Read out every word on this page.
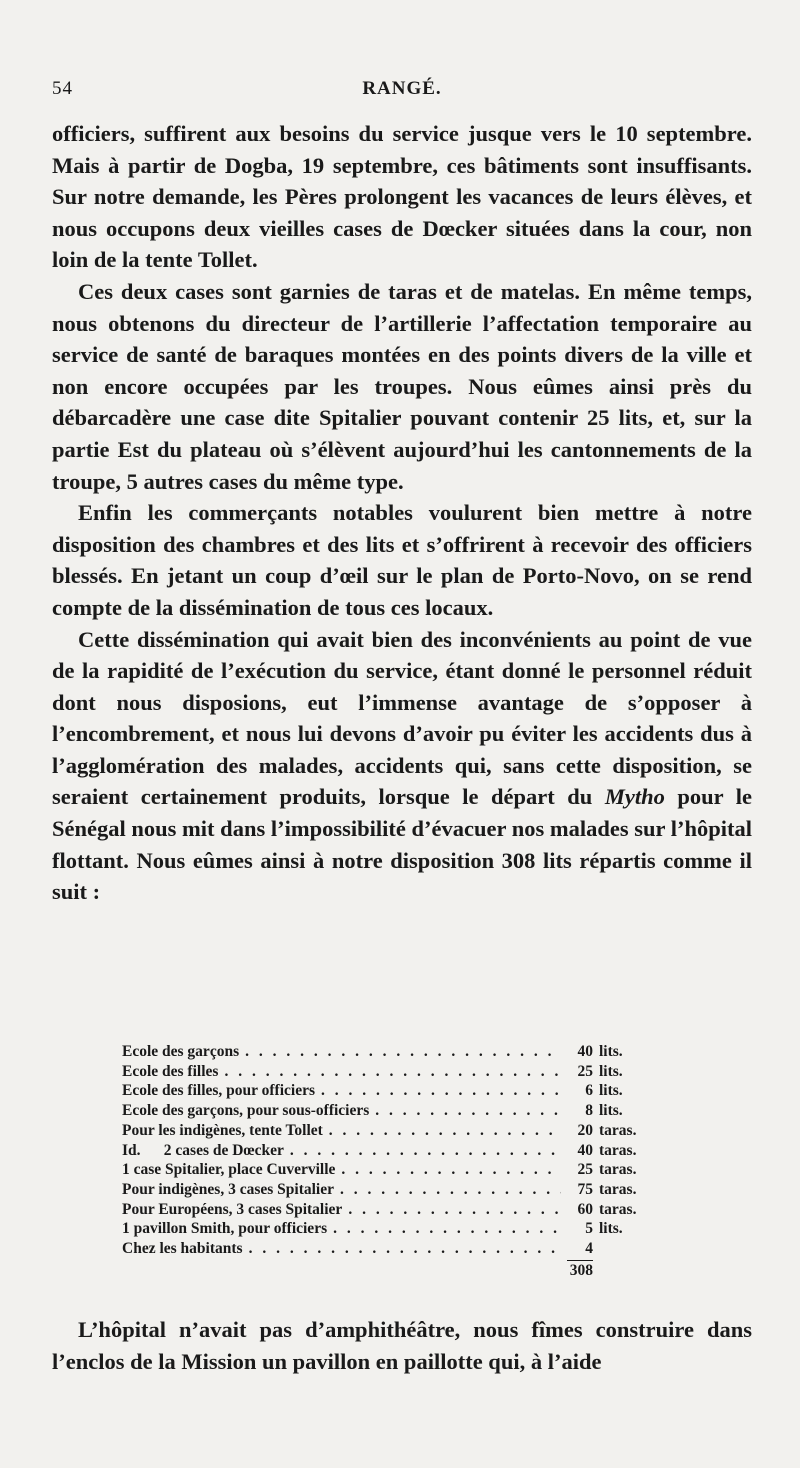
54	RANGÉ.

officiers, suffirent aux besoins du service jusque vers le 10 septembre. Mais à partir de Dogba, 19 septembre, ces bâtiments sont insuffisants. Sur notre demande, les Pères prolongent les vacances de leurs élèves, et nous occupons deux vieilles cases de Dœcker situées dans la cour, non loin de la tente Tollet.

Ces deux cases sont garnies de taras et de matelas. En même temps, nous obtenons du directeur de l’artillerie l’affectation temporaire au service de santé de baraques montées en des points divers de la ville et non encore occupées par les troupes. Nous eûmes ainsi près du débarcadère une case dite Spitalier pouvant contenir 25 lits, et, sur la partie Est du plateau où s’élèvent aujourd’hui les cantonnements de la troupe, 5 autres cases du même type.

Enfin les commerçants notables voulurent bien mettre à notre disposition des chambres et des lits et s’offrirent à recevoir des officiers blessés. En jetant un coup d’œil sur le plan de Porto-Novo, on se rend compte de la dissémination de tous ces locaux.

Cette dissémination qui avait bien des inconvénients au point de vue de la rapidité de l’exécution du service, étant donné le personnel réduit dont nous disposions, eut l’immense avantage de s’opposer à l’encombrement, et nous lui devons d’avoir pu éviter les accidents dus à l’agglomération des malades, accidents qui, sans cette disposition, se seraient certainement produits, lorsque le départ du Mytho pour le Sénégal nous mit dans l’impossibilité d’évacuer nos malades sur l’hôpital flottant. Nous eûmes ainsi à notre disposition 308 lits répartis comme il suit :

Ecole des garçons . . .	40 lits.
Ecole des filles . . .	25 lits.
Ecole des filles, pour officiers . . .	6 lits.
Ecole des garçons, pour sous-officiers . . .	8 lits.
Pour les indigènes, tente Tollet . . .	20 taras.
Id.      2 cases de Dœcker . . .	40 taras.
1 case Spitalier, place Cuverville . . .	25 taras.
Pour indigènes, 3 cases Spitalier . . .	75 taras.
Pour Européens, 3 cases Spitalier . . .	60 taras.
1 pavillon Smith, pour officiers . . .	5 lits.
Chez les habitants . . .	4
308

L’hôpital n’avait pas d’amphithéâtre, nous fîmes construire dans l’enclos de la Mission un pavillon en paillotte qui, à l’aide
